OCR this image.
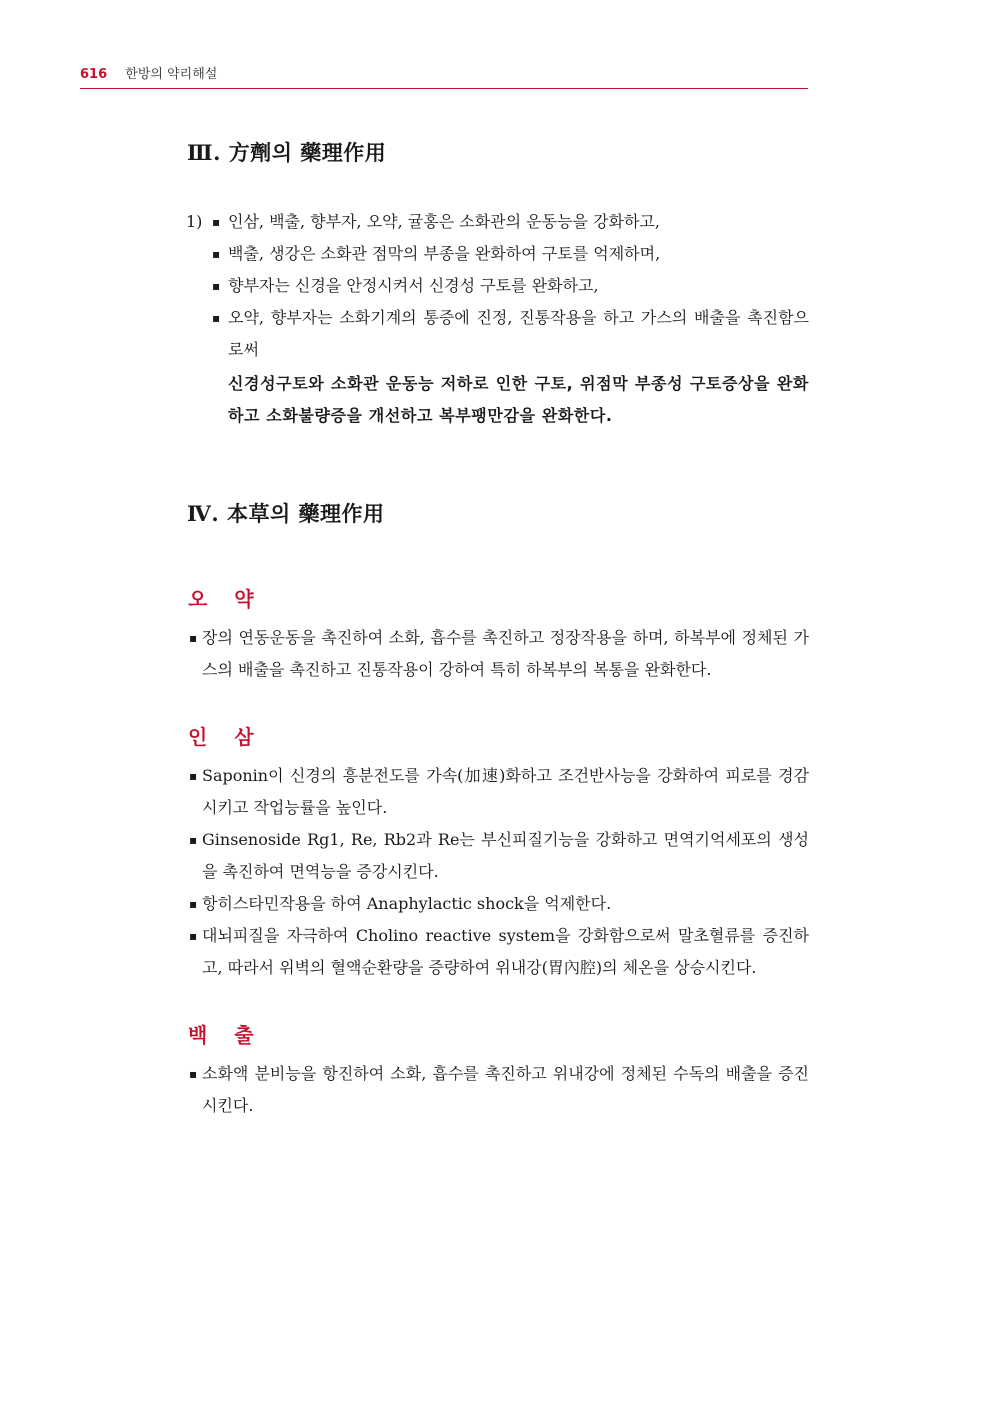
616 한방의 약리해설
Ⅲ. 方劑의 藥理作用
1)
▪	인삼, 백출, 향부자, 오약, 귤홍은 소화관의 운동능을 강화하고,
▪ 백출, 생강은 소화관 점막의 부종을 완화하여 구토를 억제하며,
▪ 향부자는 신경을 안정시켜서 신경성 구토를 완화하고,
▪ 오약, 향부자는 소화기계의 통증에 진정, 진통작용을 하고 가스의 배출을 촉진함으로써
신경성구토와 소화관 운동능 저하로 인한 구토, 위점막 부종성 구토증상을 완화하고 소화불량증을 개선하고 복부팽만감을 완화한다.
Ⅳ. 本草의 藥理作用
오 약
▪ 장의 연동운동을 촉진하여 소화, 흡수를 촉진하고 정장작용을 하며, 하복부에 정체된 가스의 배출을 촉진하고 진통작용이 강하여 특히 하복부의 복통을 완화한다.
인 삼
▪ Saponin이 신경의 흥분전도를 가속(加速)화하고 조건반사능을 강화하여 피로를 경감시키고 작업능률을 높인다.
▪ Ginsenoside Rg1, Re, Rb2과 Re는 부신피질기능을 강화하고 면역기억세포의 생성을 촉진하여 면역능을 증강시킨다.
▪ 항히스타민작용을 하여 Anaphylactic shock을 억제한다.
▪ 대뇌피질을 자극하여 Cholino reactive system을 강화함으로써 말초혈류를 증진하고, 따라서 위벽의 혈액순환량을 증량하여 위내강(胃內腔)의 체온을 상승시킨다.
백 출
▪ 소화액 분비능을 항진하여 소화, 흡수를 촉진하고 위내강에 정체된 수독의 배출을 증진시킨다.
